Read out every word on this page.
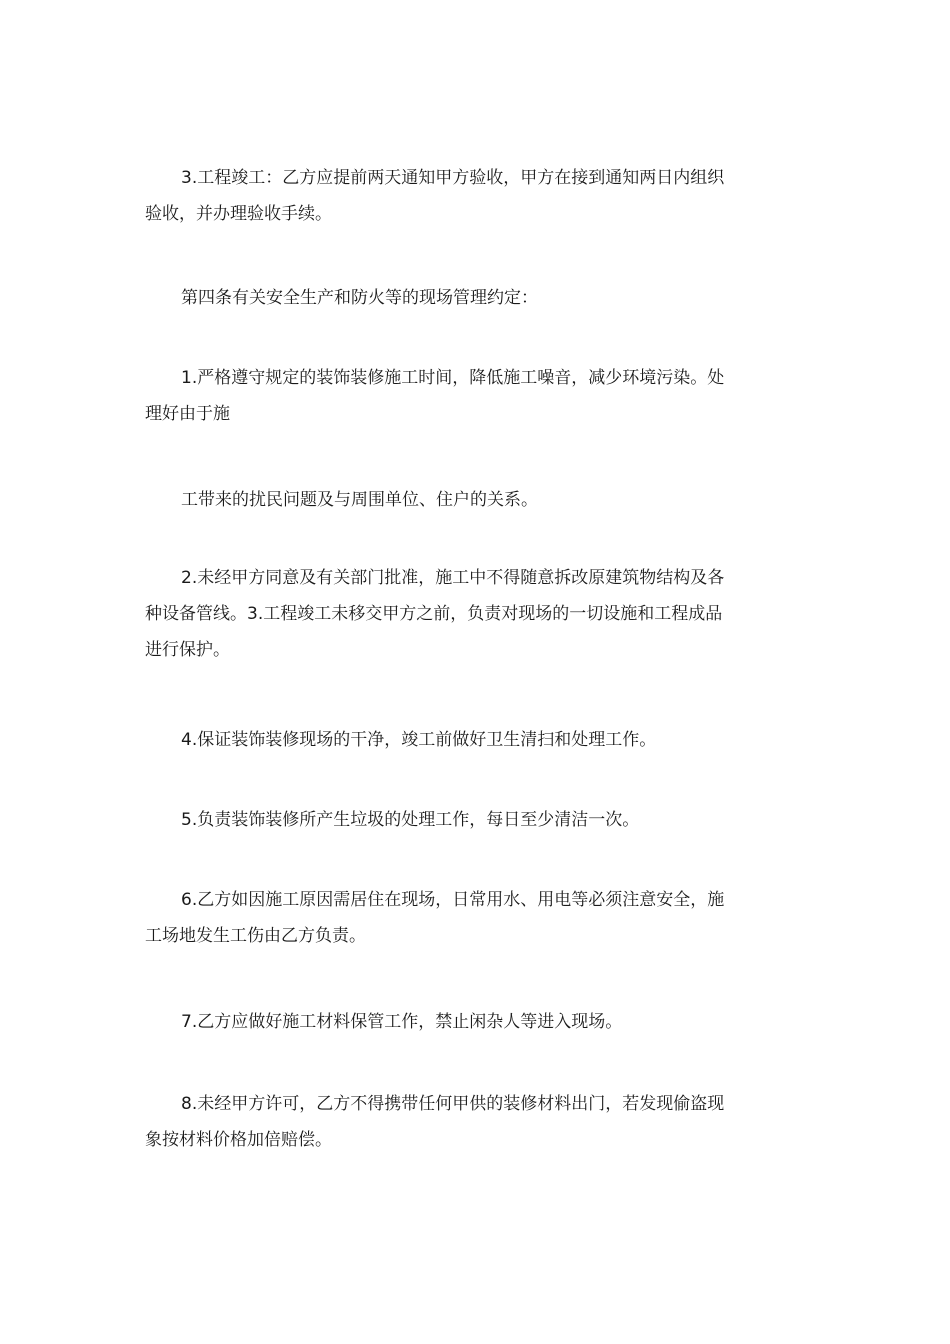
3.工程竣工：乙方应提前两天通知甲方验收，甲方在接到通知两日内组织
验收，并办理验收手续。

第四条有关安全生产和防火等的现场管理约定：

1.严格遵守规定的装饰装修施工时间，降低施工噪音，减少环境污染。处
理好由于施

工带来的扰民问题及与周围单位、住户的关系。

2.未经甲方同意及有关部门批准，施工中不得随意拆改原建筑物结构及各
种设备管线。3.工程竣工未移交甲方之前，负责对现场的一切设施和工程成品
进行保护。

4.保证装饰装修现场的干净，竣工前做好卫生清扫和处理工作。

5.负责装饰装修所产生垃圾的处理工作，每日至少清洁一次。

6.乙方如因施工原因需居住在现场，日常用水、用电等必须注意安全，施
工场地发生工伤由乙方负责。

7.乙方应做好施工材料保管工作，禁止闲杂人等进入现场。

8.未经甲方许可，乙方不得携带任何甲供的装修材料出门，若发现偷盗现
象按材料价格加倍赔偿。
